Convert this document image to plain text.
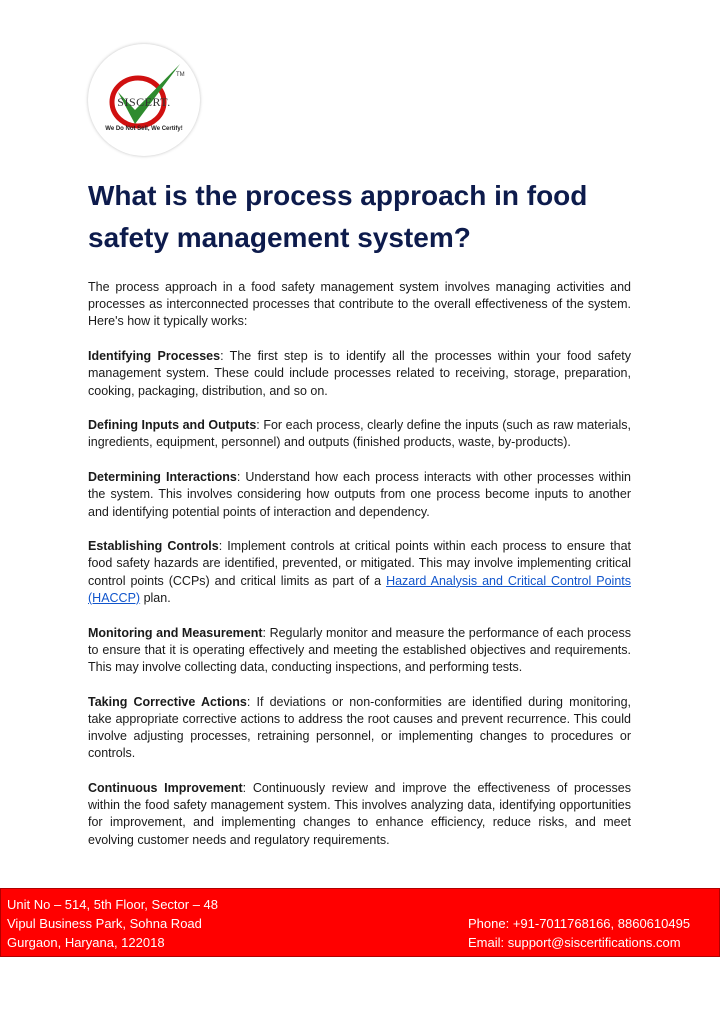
TM
SISCERT.
We Do Not Sell, We Certify!
What is the process approach in food safety management system?

The process approach in a food safety management system involves managing activities and processes as interconnected processes that contribute to the overall effectiveness of the system. Here's how it typically works:

Identifying Processes: The first step is to identify all the processes within your food safety management system. These could include processes related to receiving, storage, preparation, cooking, packaging, distribution, and so on.

Defining Inputs and Outputs: For each process, clearly define the inputs (such as raw materials, ingredients, equipment, personnel) and outputs (finished products, waste, by-products).

Determining Interactions: Understand how each process interacts with other processes within the system. This involves considering how outputs from one process become inputs to another and identifying potential points of interaction and dependency.

Establishing Controls: Implement controls at critical points within each process to ensure that food safety hazards are identified, prevented, or mitigated. This may involve implementing critical control points (CCPs) and critical limits as part of a Hazard Analysis and Critical Control Points (HACCP) plan.

Monitoring and Measurement: Regularly monitor and measure the performance of each process to ensure that it is operating effectively and meeting the established objectives and requirements. This may involve collecting data, conducting inspections, and performing tests.

Taking Corrective Actions: If deviations or non-conformities are identified during monitoring, take appropriate corrective actions to address the root causes and prevent recurrence. This could involve adjusting processes, retraining personnel, or implementing changes to procedures or controls.

Continuous Improvement: Continuously review and improve the effectiveness of processes within the food safety management system. This involves analyzing data, identifying opportunities for improvement, and implementing changes to enhance efficiency, reduce risks, and meet evolving customer needs and regulatory requirements.

Unit No – 514, 5th Floor, Sector – 48
Vipul Business Park, Sohna Road
Gurgaon, Haryana, 122018
Phone: +91-7011768166, 8860610495
Email: support@siscertifications.com
